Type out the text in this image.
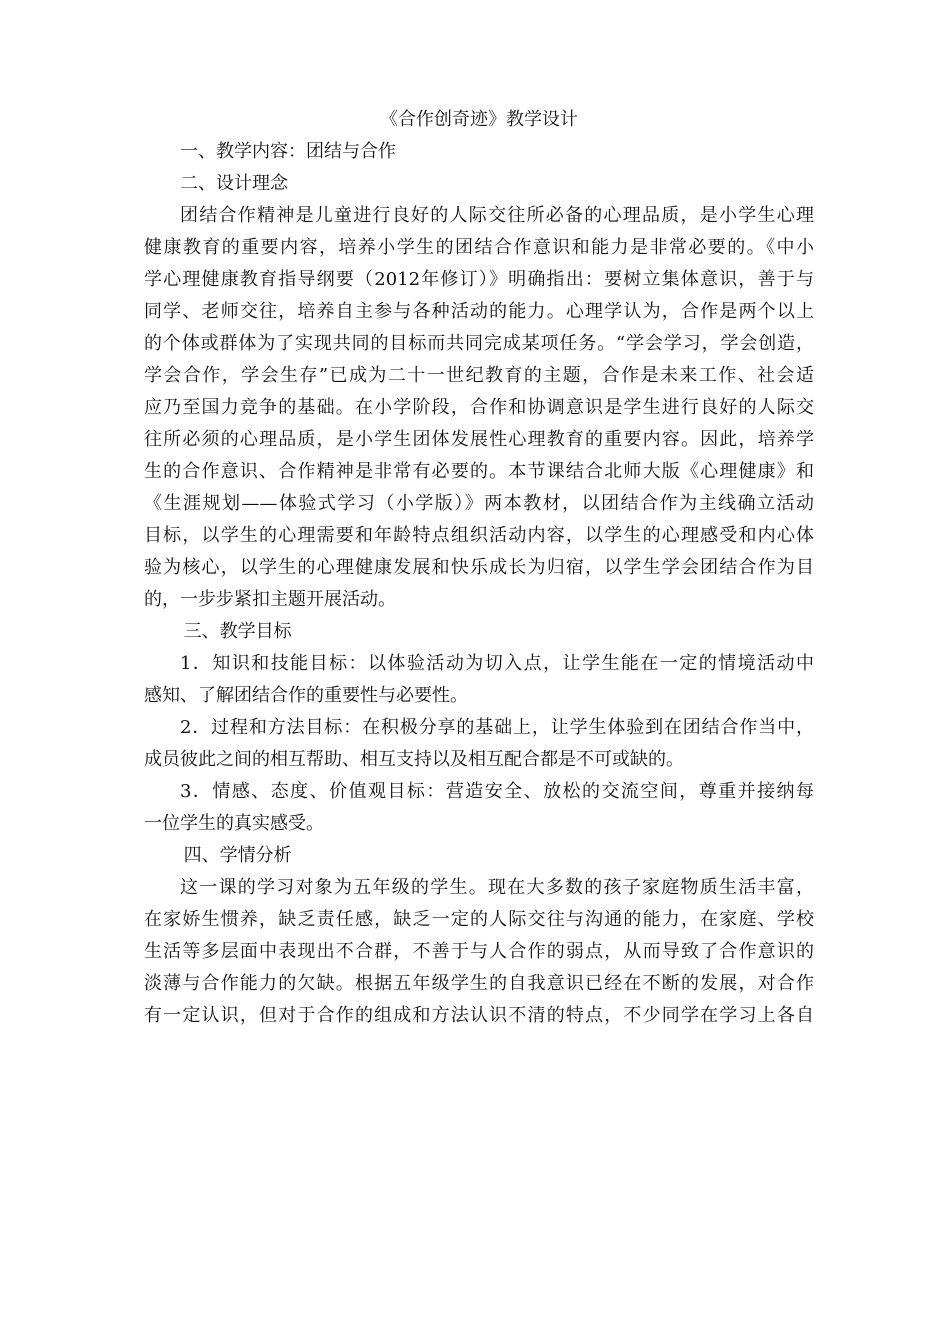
《合作创奇迹》教学设计
一、教学内容：团结与合作
二、设计理念
团结合作精神是儿童进行良好的人际交往所必备的心理品质，是小学生心理
健康教育的重要内容，培养小学生的团结合作意识和能力是非常必要的。《中小
学心理健康教育指导纲要（2012年修订）》明确指出：要树立集体意识，善于与
同学、老师交往，培养自主参与各种活动的能力。心理学认为，合作是两个以上
的个体或群体为了实现共同的目标而共同完成某项任务。“学会学习，学会创造，
学会合作，学会生存”已成为二十一世纪教育的主题，合作是未来工作、社会适
应乃至国力竞争的基础。在小学阶段，合作和协调意识是学生进行良好的人际交
往所必须的心理品质，是小学生团体发展性心理教育的重要内容。因此，培养学
生的合作意识、合作精神是非常有必要的。本节课结合北师大版《心理健康》和
《生涯规划——体验式学习（小学版）》两本教材，以团结合作为主线确立活动
目标，以学生的心理需要和年龄特点组织活动内容，以学生的心理感受和内心体
验为核心，以学生的心理健康发展和快乐成长为归宿，以学生学会团结合作为目
的，一步步紧扣主题开展活动。
三、教学目标
1．知识和技能目标：以体验活动为切入点，让学生能在一定的情境活动中
感知、了解团结合作的重要性与必要性。
2．过程和方法目标：在积极分享的基础上，让学生体验到在团结合作当中，
成员彼此之间的相互帮助、相互支持以及相互配合都是不可或缺的。
3．情感、态度、价值观目标：营造安全、放松的交流空间，尊重并接纳每
一位学生的真实感受。
四、学情分析
这一课的学习对象为五年级的学生。现在大多数的孩子家庭物质生活丰富，
在家娇生惯养，缺乏责任感，缺乏一定的人际交往与沟通的能力，在家庭、学校
生活等多层面中表现出不合群，不善于与人合作的弱点，从而导致了合作意识的
淡薄与合作能力的欠缺。根据五年级学生的自我意识已经在不断的发展，对合作
有一定认识，但对于合作的组成和方法认识不清的特点，不少同学在学习上各自
